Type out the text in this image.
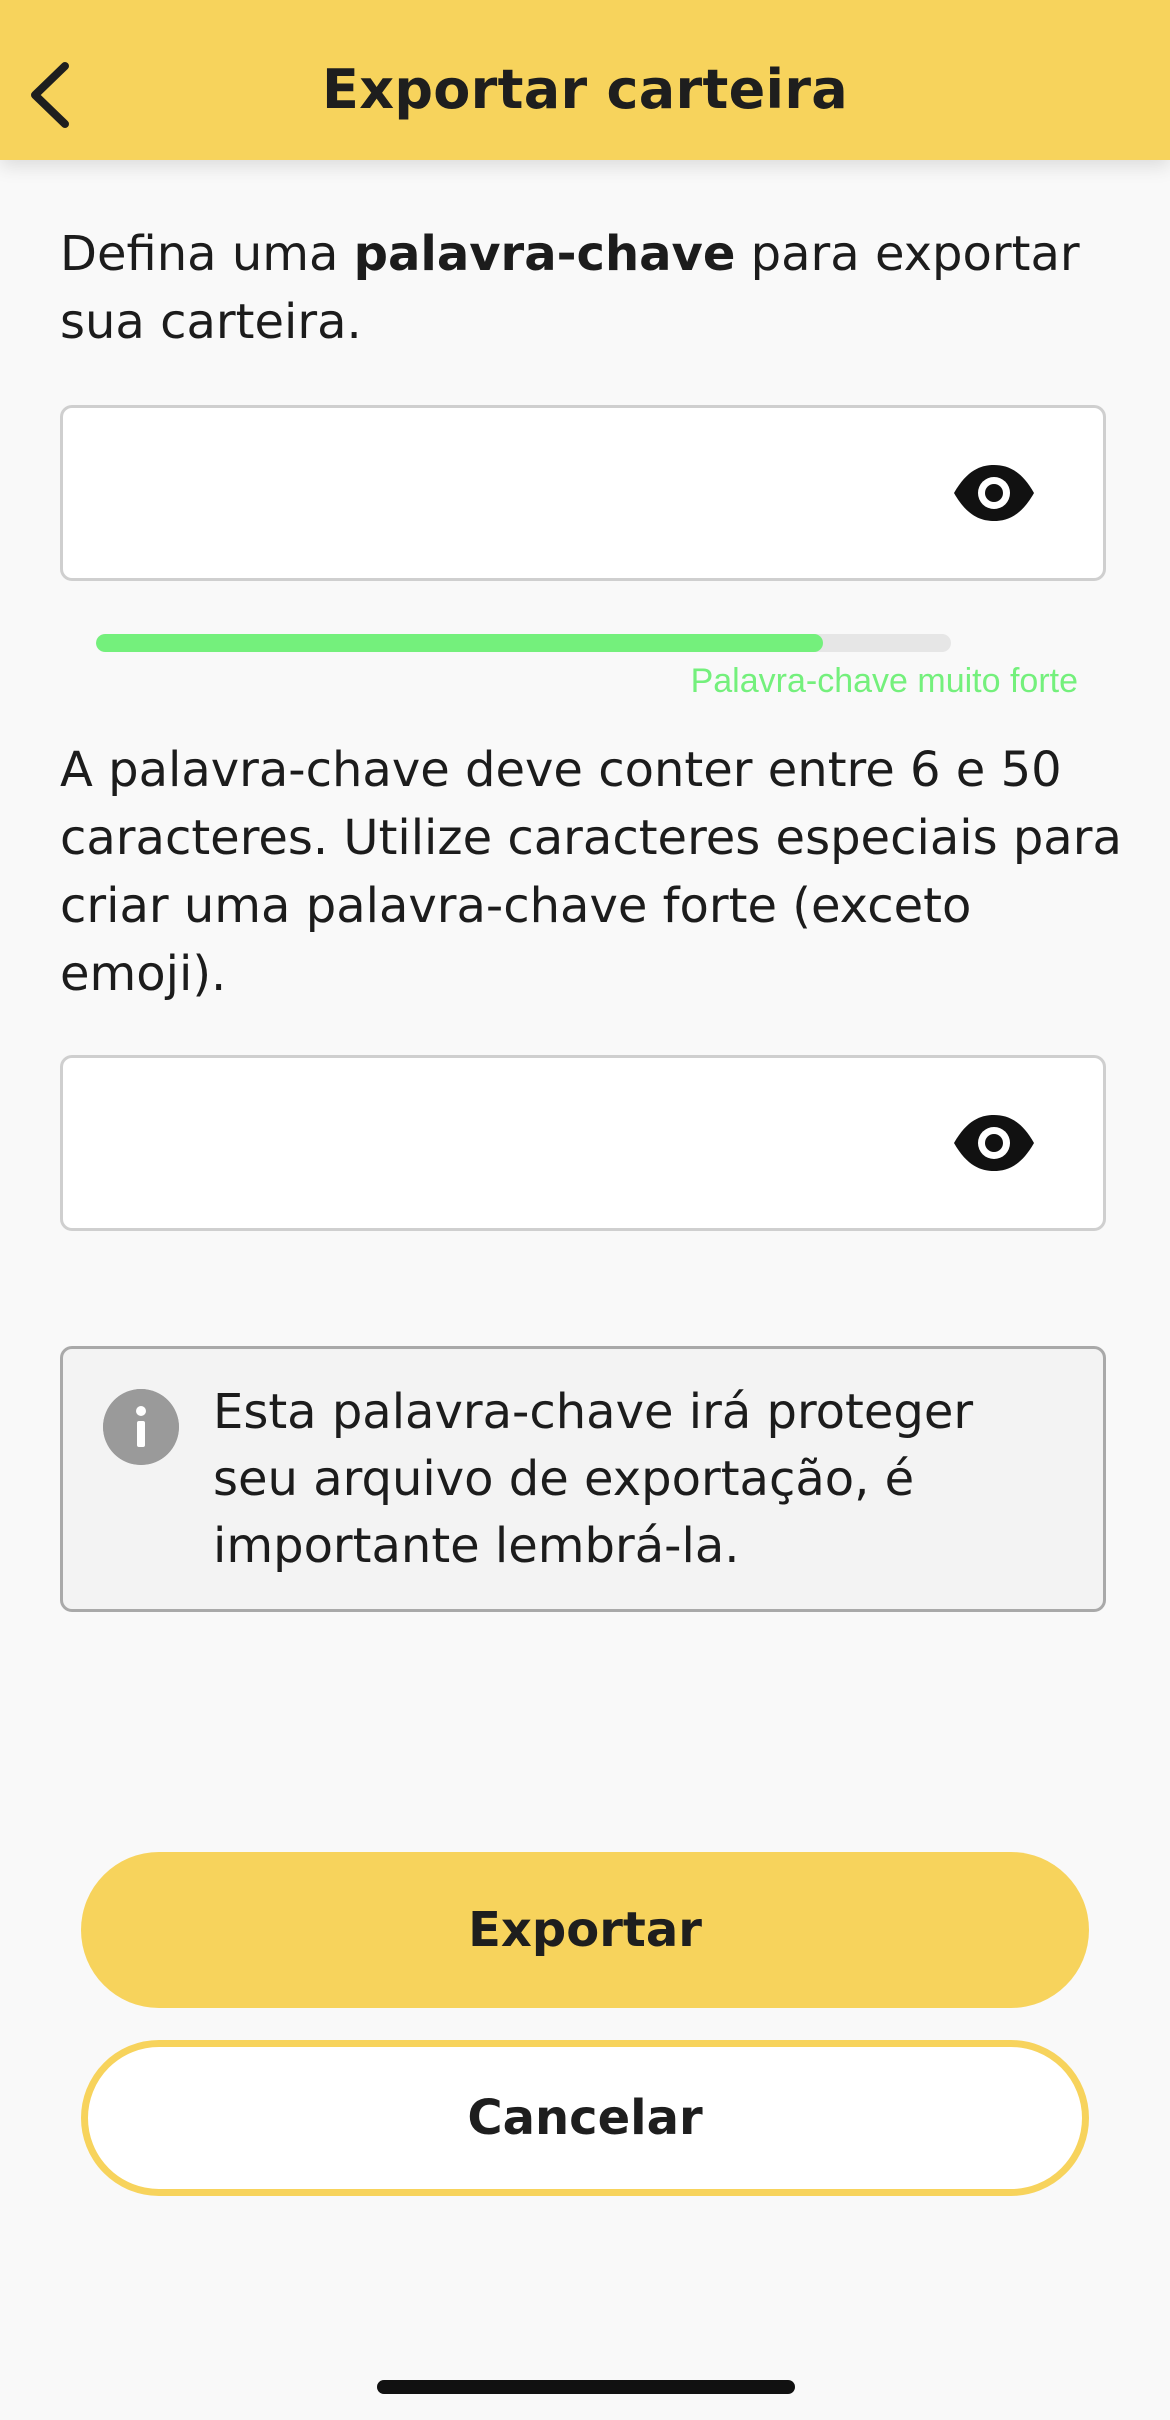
Exportar carteira
Defina uma palavra-chave para exportar sua carteira.
Palavra-chave muito forte
A palavra-chave deve conter entre 6 e 50 caracteres. Utilize caracteres especiais para criar uma palavra-chave forte (exceto emoji).
Esta palavra-chave irá proteger seu arquivo de exportação, é importante lembrá-la.
Exportar
Cancelar
